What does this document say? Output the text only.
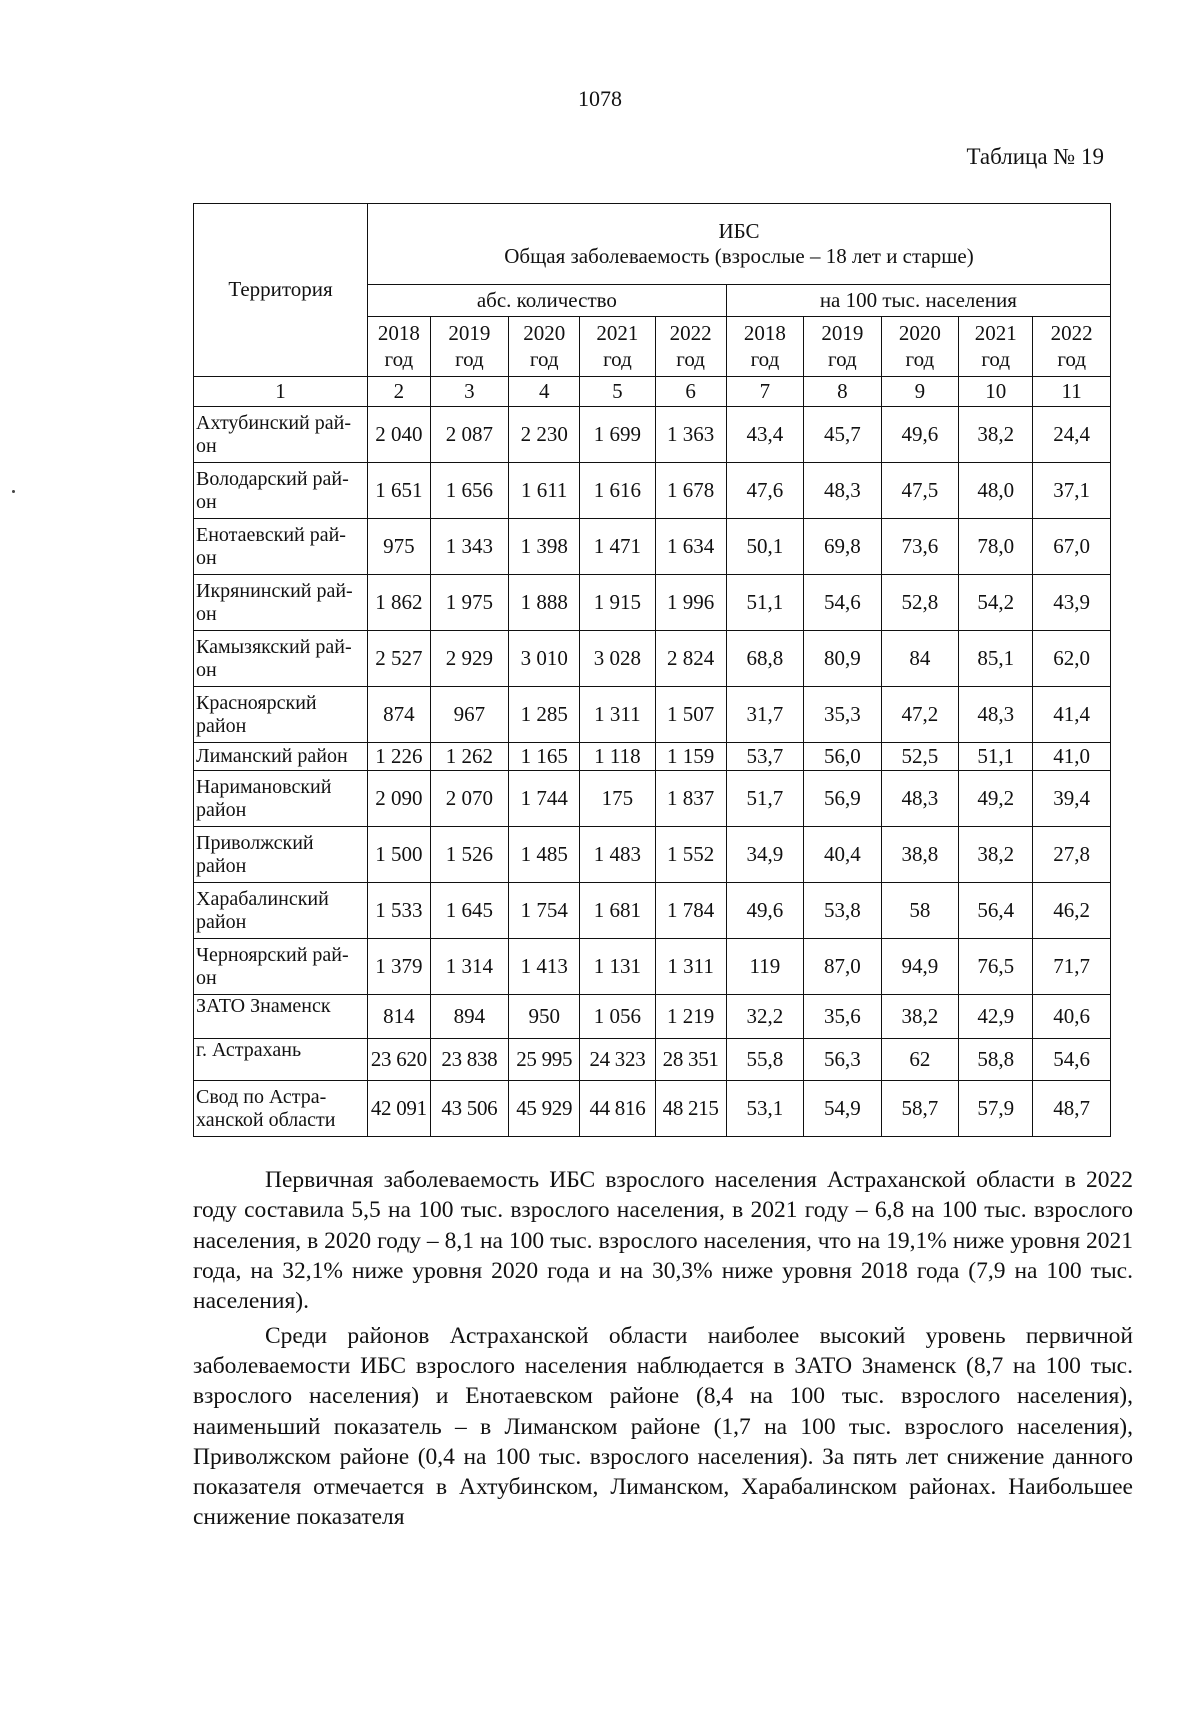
1078
Таблица № 19
Территория	ИБС
Общая заболеваемость (взрослые – 18 лет и старше)									

	абс. количество					на 100 тыс. населения				
	2018 год	2019 год	2020 год	2021 год	2022 год	2018 год	2019 год	2020 год	2021 год	2022 год
1	2	3	4	5	6	7	8	9	10	11
Ахтубинский рай-он	2 040	2 087	2 230	1 699	1 363	43,4	45,7	49,6	38,2	24,4
Володарский рай-он	1 651	1 656	1 611	1 616	1 678	47,6	48,3	47,5	48,0	37,1
Енотаевский рай-он	975	1 343	1 398	1 471	1 634	50,1	69,8	73,6	78,0	67,0
Икрянинский рай-он	1 862	1 975	1 888	1 915	1 996	51,1	54,6	52,8	54,2	43,9
Камызякский рай-он	2 527	2 929	3 010	3 028	2 824	68,8	80,9	84	85,1	62,0
Красноярский район	874	967	1 285	1 311	1 507	31,7	35,3	47,2	48,3	41,4
Лиманский район	1 226	1 262	1 165	1 118	1 159	53,7	56,0	52,5	51,1	41,0
Наримановский район	2 090	2 070	1 744	175	1 837	51,7	56,9	48,3	49,2	39,4
Приволжский район	1 500	1 526	1 485	1 483	1 552	34,9	40,4	38,8	38,2	27,8
Харабалинский район	1 533	1 645	1 754	1 681	1 784	49,6	53,8	58	56,4	46,2
Черноярский рай-он	1 379	1 314	1 413	1 131	1 311	119	87,0	94,9	76,5	71,7
ЗАТО Знаменск	814	894	950	1 056	1 219	32,2	35,6	38,2	42,9	40,6
г. Астрахань	23 620	23 838	25 995	24 323	28 351	55,8	56,3	62	58,8	54,6
Свод по Астра-ханской области	42 091	43 506	45 929	44 816	48 215	53,1	54,9	58,7	57,9	48,7

Первичная заболеваемость ИБС взрослого населения Астраханской области в 2022 году составила 5,5 на 100 тыс. взрослого населения, в 2021 году – 6,8 на 100 тыс. взрослого населения, в 2020 году – 8,1 на 100 тыс. взрослого населения, что на 19,1% ниже уровня 2021 года, на 32,1% ниже уровня 2020 года и на 30,3% ниже уровня 2018 года (7,9 на 100 тыс. населения).

Среди районов Астраханской области наиболее высокий уровень первичной заболеваемости ИБС взрослого населения наблюдается в ЗАТО Знаменск (8,7 на 100 тыс. взрослого населения) и Енотаевском районе (8,4 на 100 тыс. взрослого населения), наименьший показатель – в Лиманском районе (1,7 на 100 тыс. взрослого населения), Приволжском районе (0,4 на 100 тыс. взрослого населения). За пять лет снижение данного показателя отмечается в Ахтубинском, Лиманском, Харабалинском районах. Наибольшее снижение показателя
